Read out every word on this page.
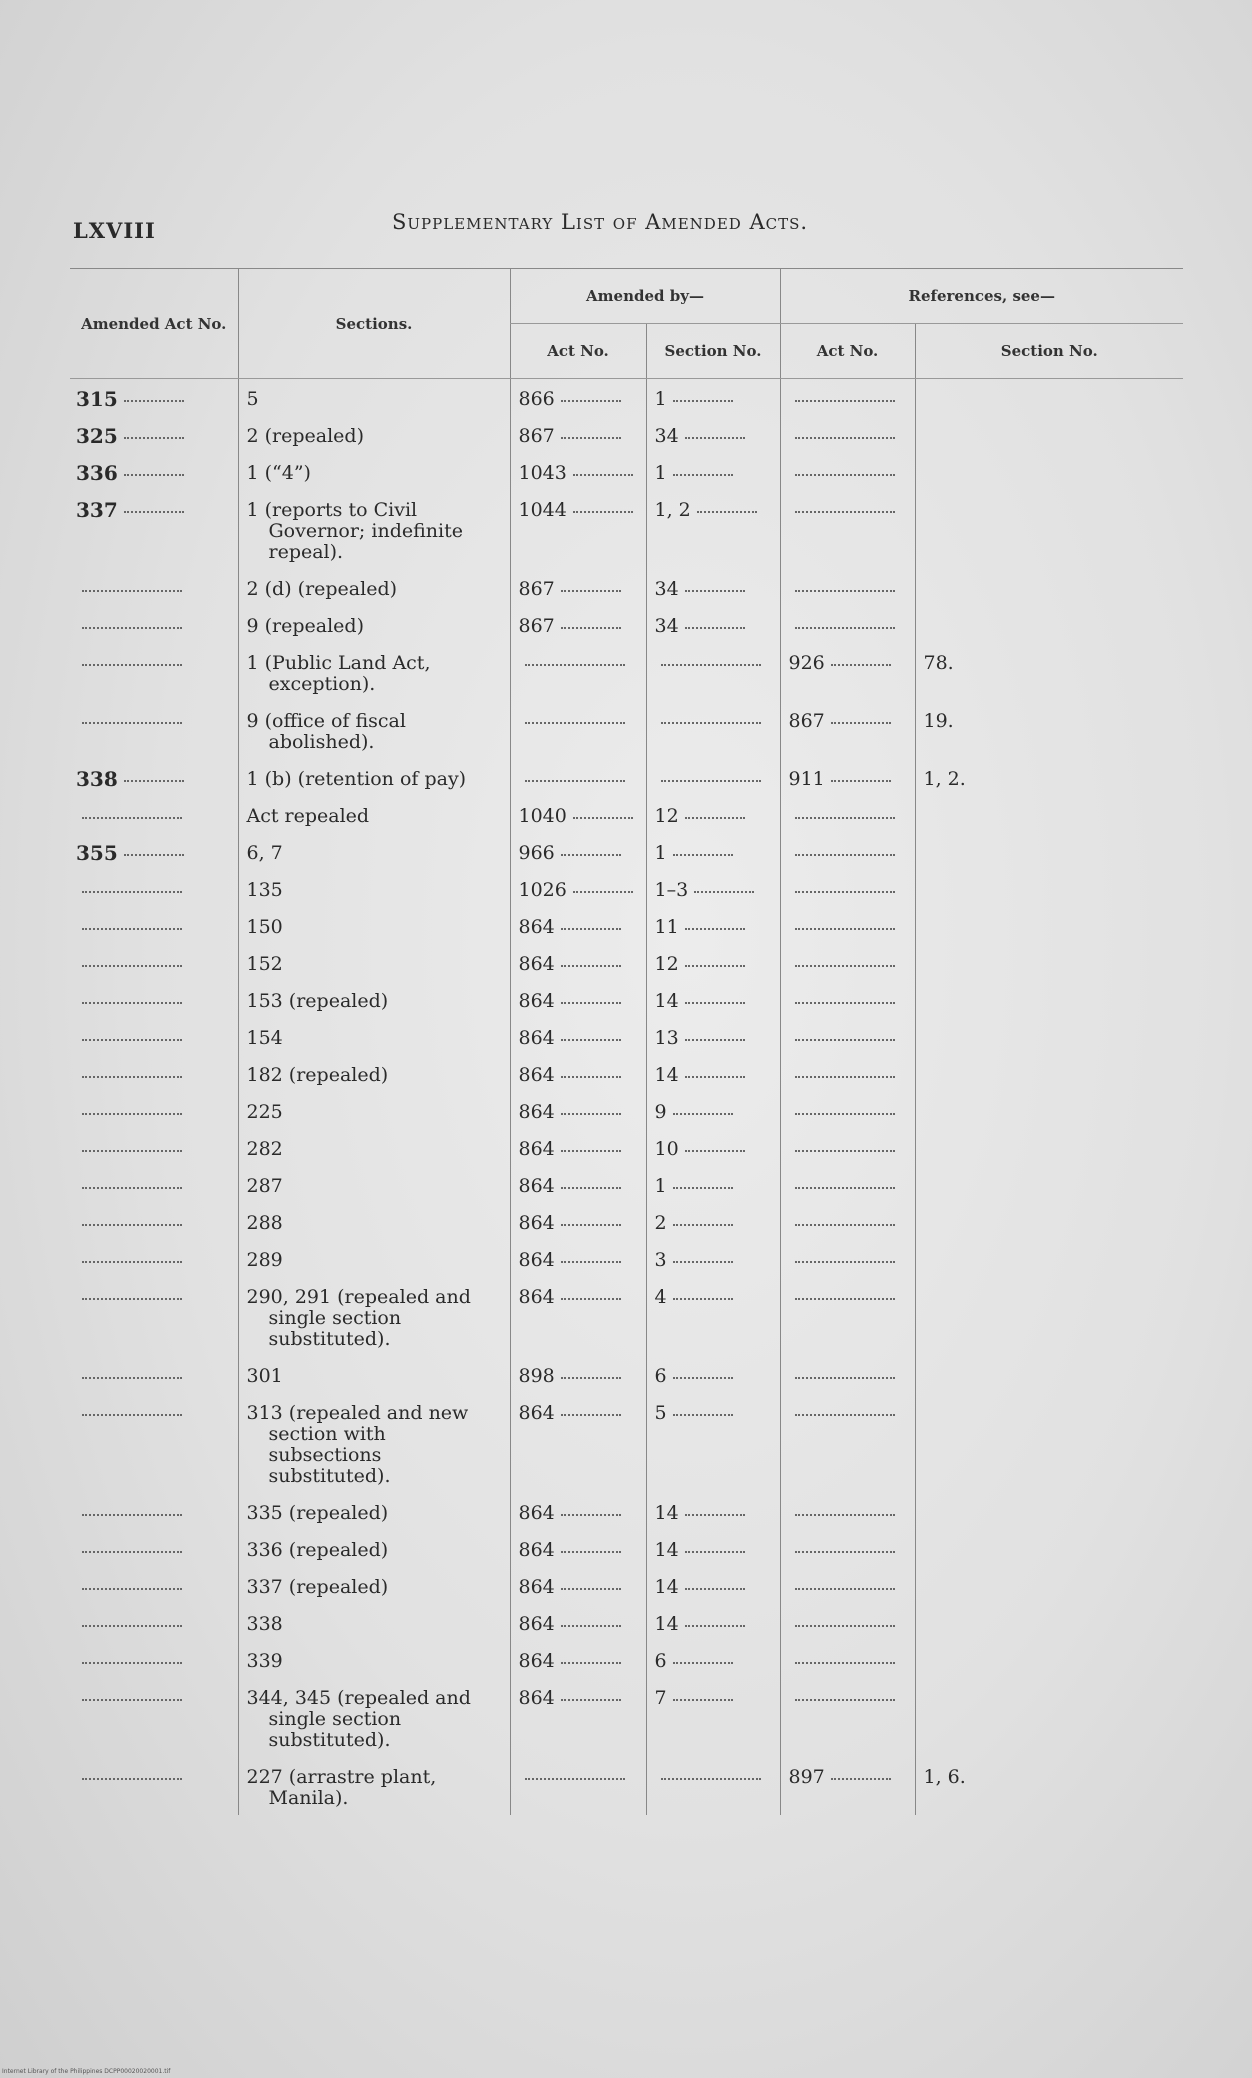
LXVIII	Supplementary List of Amended Acts.
Amended Act No.	Sections.	Amended by—		References, see—	
		Act No.	Section No.	Act No.	Section No.
315	5	866	1		
325	2 (repealed)	867	34		
336	1 (“4”)	1043	1		
337	1 (reports to Civil Governor; indefinite repeal).	1044	1, 2		

	2 (d) (repealed)	867	34		

	9 (repealed)	867	34		

	1 (Public Land Act, exception).			926	78.

	9 (office of fiscal abolished).			867	19.
338	1 (b) (retention of pay)			911	1, 2.

	Act repealed	1040	12		
355	6, 7	966	1		

	135	1026	1–3		

	150	864	11		

	152	864	12		

	153 (repealed)	864	14		

	154	864	13		

	182 (repealed)	864	14		

	225	864	9		

	282	864	10		

	287	864	1		

	288	864	2		

	289	864	3		

	290, 291 (repealed and single section substituted).	864	4		

	301	898	6		

	313 (repealed and new section with subsections substituted).	864	5		

	335 (repealed)	864	14		

	336 (repealed)	864	14		

	337 (repealed)	864	14		

	338	864	14		

	339	864	6		

	344, 345 (repealed and single section substituted).	864	7		

	227 (arrastre plant, Manila).			897	1, 6.
Internet Library of the Philippines DCPP00020020001.tif
